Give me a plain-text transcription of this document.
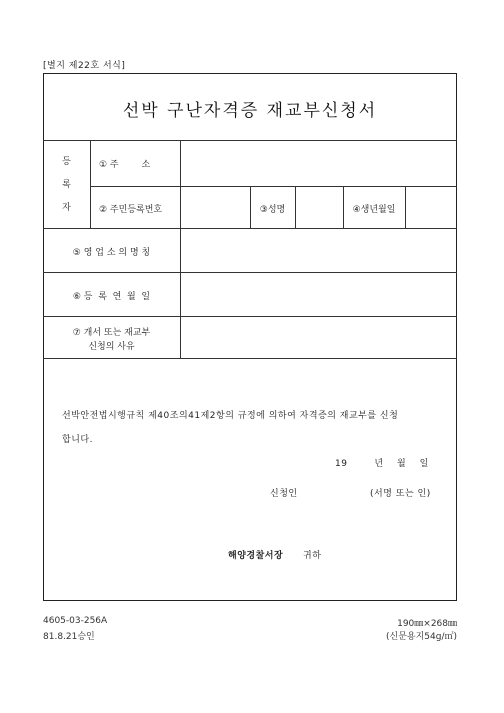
[별지 제22호 서식]
선박 구난자격증 재교부신청서
등
록
자
① 주        소
② 주민등록번호	③성명	④생년월일
⑤ 영 업 소 의 명 칭
⑥ 등  록  연  월  일
⑦ 개서 또는 재교부
신청의 사유
선박안전법시행규칙 제40조의41제2항의 규정에 의하여 자격증의 재교부를 신청
합니다.
19        년    월    일
신청인	(서명 또는 인)
해양경찰서장 귀하
4605-03-256A
81.8.21승인
190㎜×268㎜
(신문용지54g/㎡)
